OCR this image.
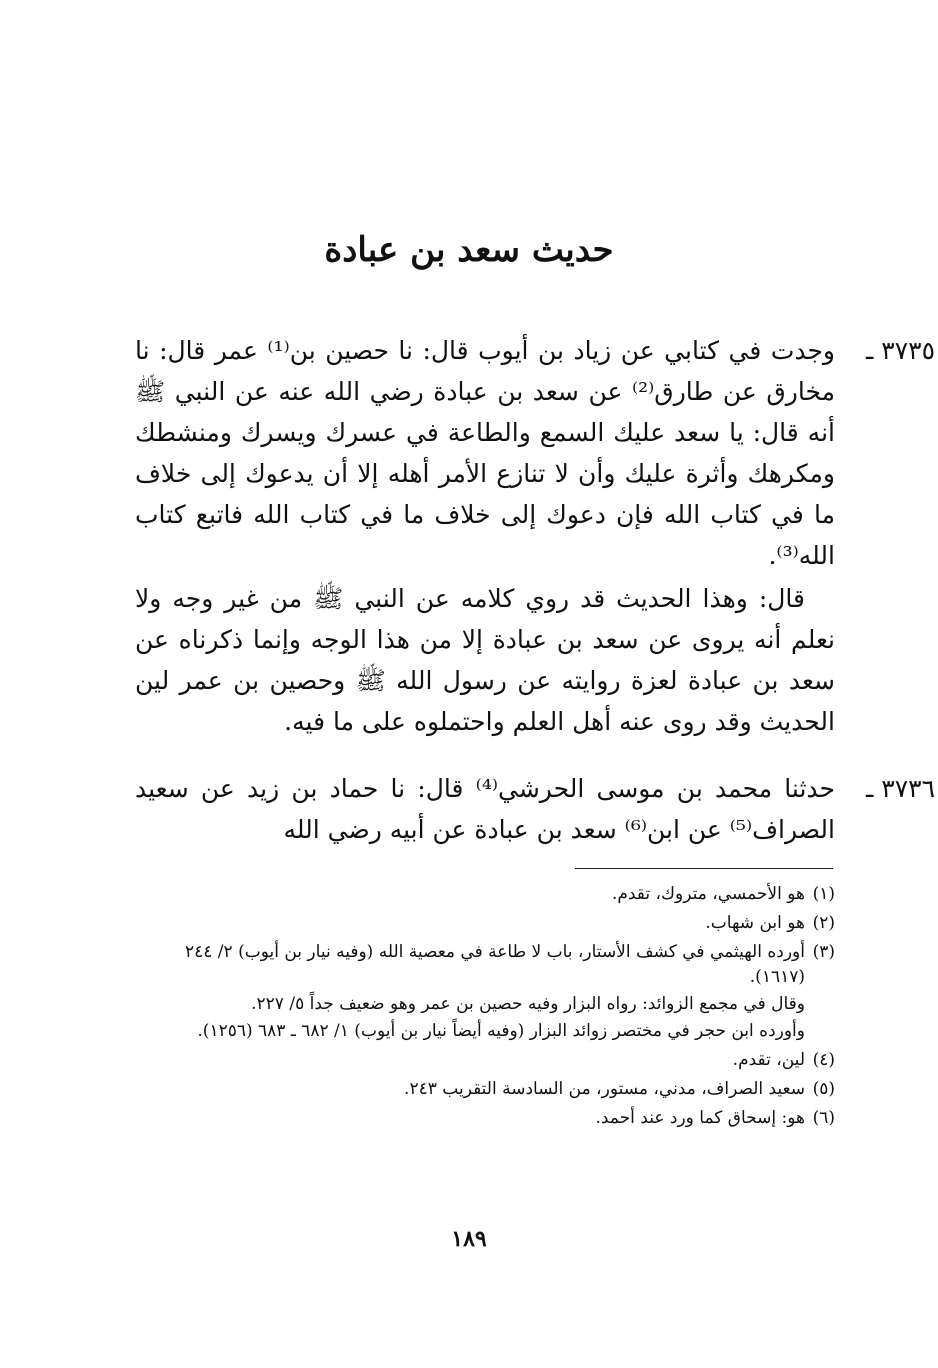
حديث سعد بن عبادة
٣٧٣٥ ـ
وجدت في كتابي عن زياد بن أيوب قال: نا حصين بن⁽¹⁾ عمر قال: نا مخارق عن طارق⁽²⁾ عن سعد بن عبادة رضي الله عنه عن النبي ﷺ أنه قال: يا سعد عليك السمع والطاعة في عسرك ويسرك ومنشطك ومكرهك وأثرة عليك وأن لا تنازع الأمر أهله إلا أن يدعوك إلى خلاف ما في كتاب الله فإن دعوك إلى خلاف ما في كتاب الله فاتبع كتاب الله⁽³⁾.
قال: وهذا الحديث قد روي كلامه عن النبي ﷺ من غير وجه ولا نعلم أنه يروى عن سعد بن عبادة إلا من هذا الوجه وإنما ذكرناه عن سعد بن عبادة لعزة روايته عن رسول الله ﷺ وحصين بن عمر لين الحديث وقد روى عنه أهل العلم واحتملوه على ما فيه.
٣٧٣٦ ـ
حدثنا محمد بن موسى الحرشي⁽⁴⁾ قال: نا حماد بن زيد عن سعيد الصراف⁽⁵⁾ عن ابن⁽⁶⁾ سعد بن عبادة عن أبيه رضي الله
(١)
هو الأحمسي، متروك، تقدم.
(٢)
هو ابن شهاب.
(٣)
أورده الهيثمي في كشف الأستار، باب لا طاعة في معصية الله (وفيه نيار بن أيوب) ٢/ ٢٤٤ (١٦١٧).
وقال في مجمع الزوائد: رواه البزار وفيه حصين بن عمر وهو ضعيف جداً ٥/ ٢٢٧.
وأورده ابن حجر في مختصر زوائد البزار (وفيه أيضاً نيار بن أيوب) ١/ ٦٨٢ ـ ٦٨٣ (١٢٥٦).
(٤)
لين، تقدم.
(٥)
سعيد الصراف، مدني، مستور، من السادسة التقريب ٢٤٣.
(٦)
هو: إسحاق كما ورد عند أحمد.
١٨٩
